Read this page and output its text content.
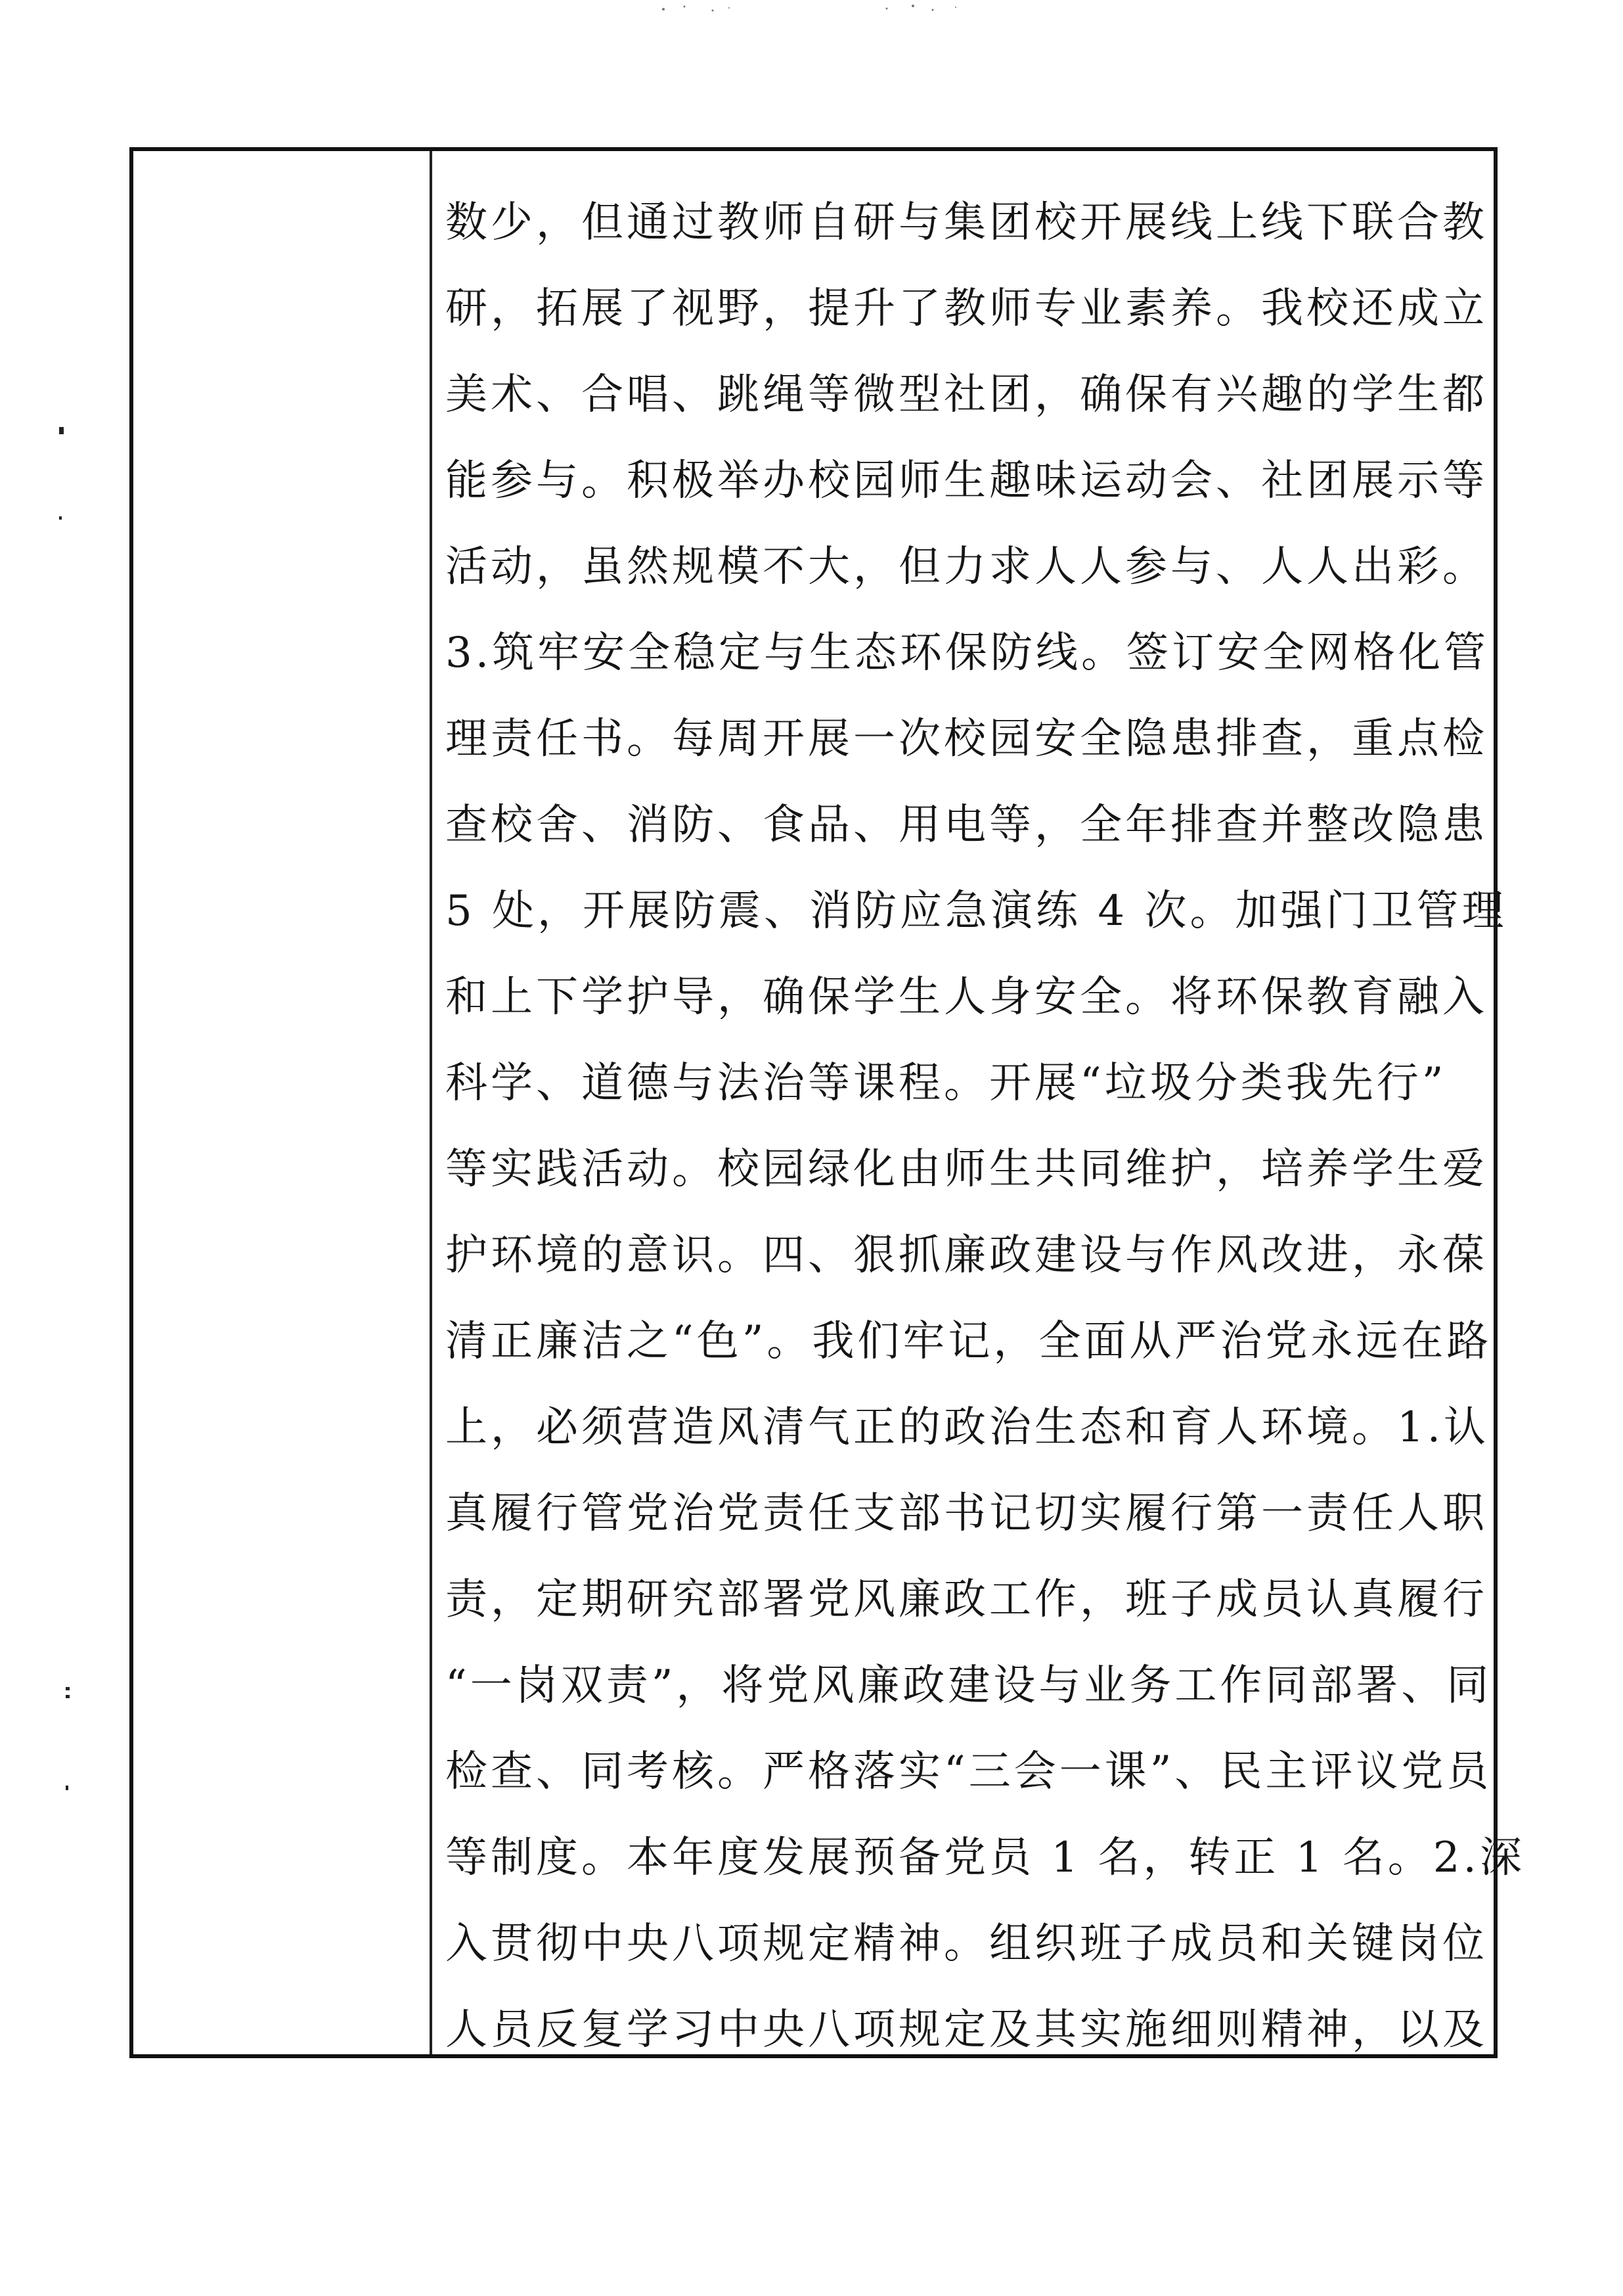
数少，但通过教师自研与集团校开展线上线下联合教
研，拓展了视野，提升了教师专业素养。我校还成立
美术、合唱、跳绳等微型社团，确保有兴趣的学生都
能参与。积极举办校园师生趣味运动会、社团展示等
活动，虽然规模不大，但力求人人参与、人人出彩。
3.筑牢安全稳定与生态环保防线。签订安全网格化管
理责任书。每周开展一次校园安全隐患排查，重点检
查校舍、消防、食品、用电等，全年排查并整改隐患
5 处，开展防震、消防应急演练 4 次。加强门卫管理
和上下学护导，确保学生人身安全。将环保教育融入
科学、道德与法治等课程。开展“垃圾分类我先行”
等实践活动。校园绿化由师生共同维护，培养学生爱
护环境的意识。四、狠抓廉政建设与作风改进，永葆
清正廉洁之“色”。我们牢记，全面从严治党永远在路
上，必须营造风清气正的政治生态和育人环境。1.认
真履行管党治党责任支部书记切实履行第一责任人职
责，定期研究部署党风廉政工作，班子成员认真履行
“一岗双责”，将党风廉政建设与业务工作同部署、同
检查、同考核。严格落实“三会一课”、民主评议党员
等制度。本年度发展预备党员 1 名，转正 1 名。2.深
入贯彻中央八项规定精神。组织班子成员和关键岗位
人员反复学习中央八项规定及其实施细则精神，以及
